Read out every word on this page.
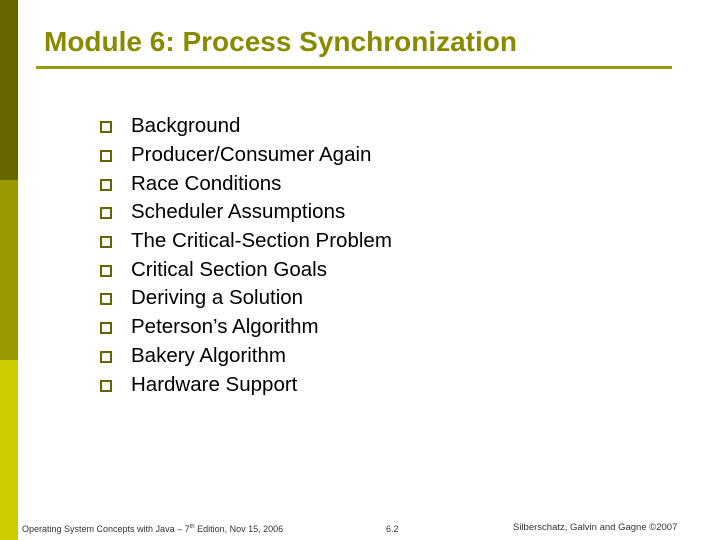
Module 6: Process Synchronization
Background
Producer/Consumer Again
Race Conditions
Scheduler Assumptions
The Critical-Section Problem
Critical Section Goals
Deriving a Solution
Peterson’s Algorithm
Bakery Algorithm
Hardware Support
Operating System Concepts with Java – 7th Edition, Nov 15, 2006	6.2	Silberschatz, Galvin and Gagne ©2007
